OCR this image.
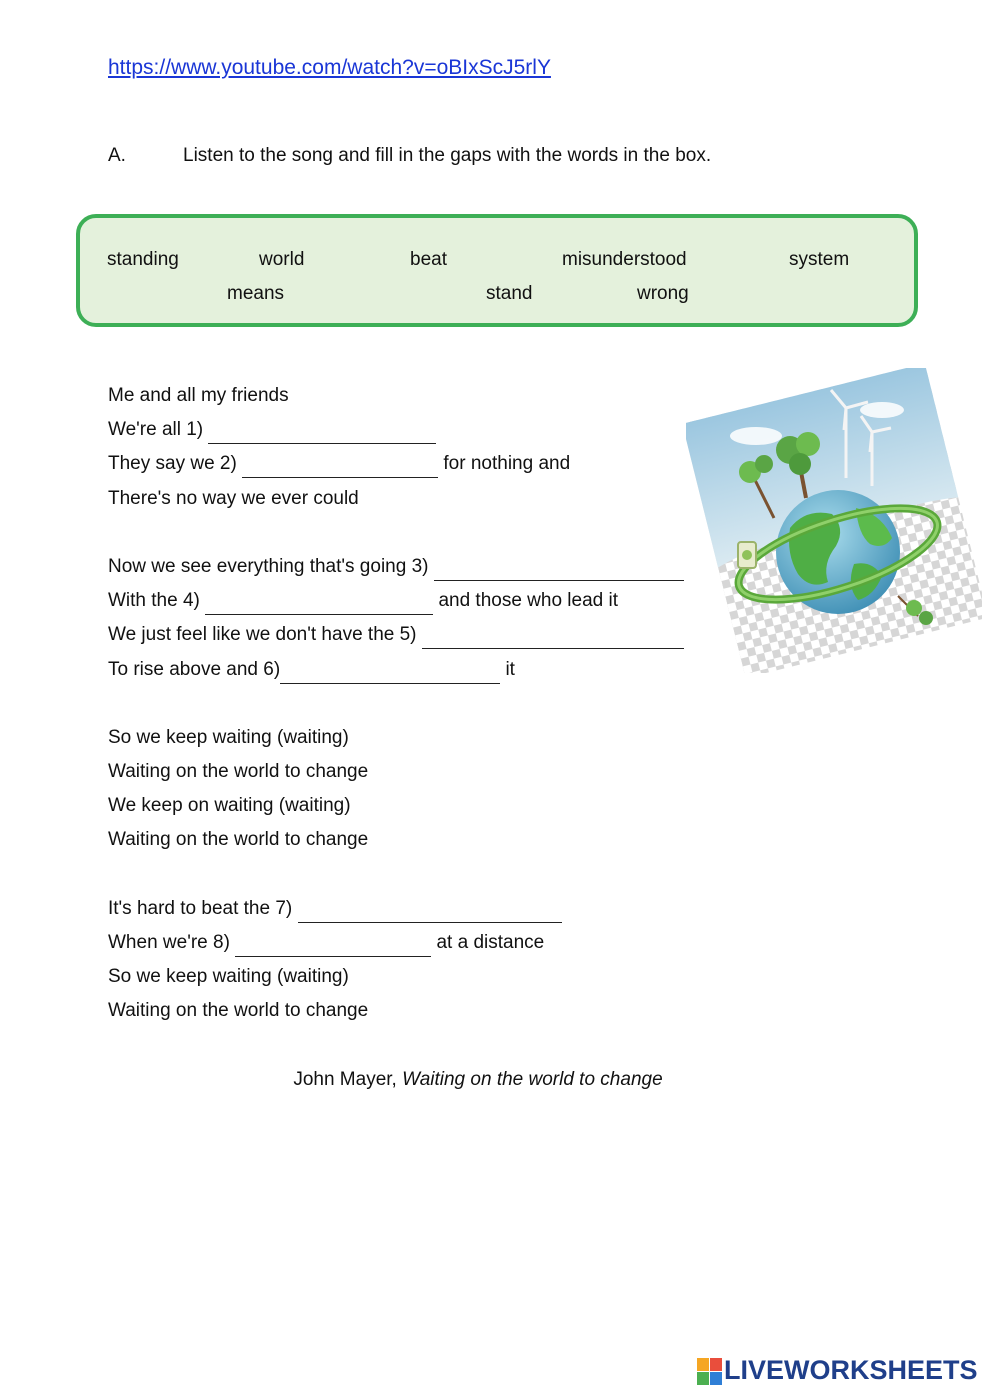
https://www.youtube.com/watch?v=oBIxScJ5rlY
A.	Listen to the song and fill in the gaps with the words in the box.
standing	world	beat	misunderstood	system
means	stand	wrong
Me and all my friends
We're all 1)
They say we 2)	for nothing and
There's no way we ever could
Now we see everything that's going 3)
With the 4)	and those who lead it
We just feel like we don't have the 5)
To rise above and 6)	it
So we keep waiting (waiting)
Waiting on the world to change
We keep on waiting (waiting)
Waiting on the world to change
It's hard to beat the 7)
When we're 8)	at a distance
So we keep waiting (waiting)
Waiting on the world to change
John Mayer, Waiting on the world to change
LIVEWORKSHEETS
